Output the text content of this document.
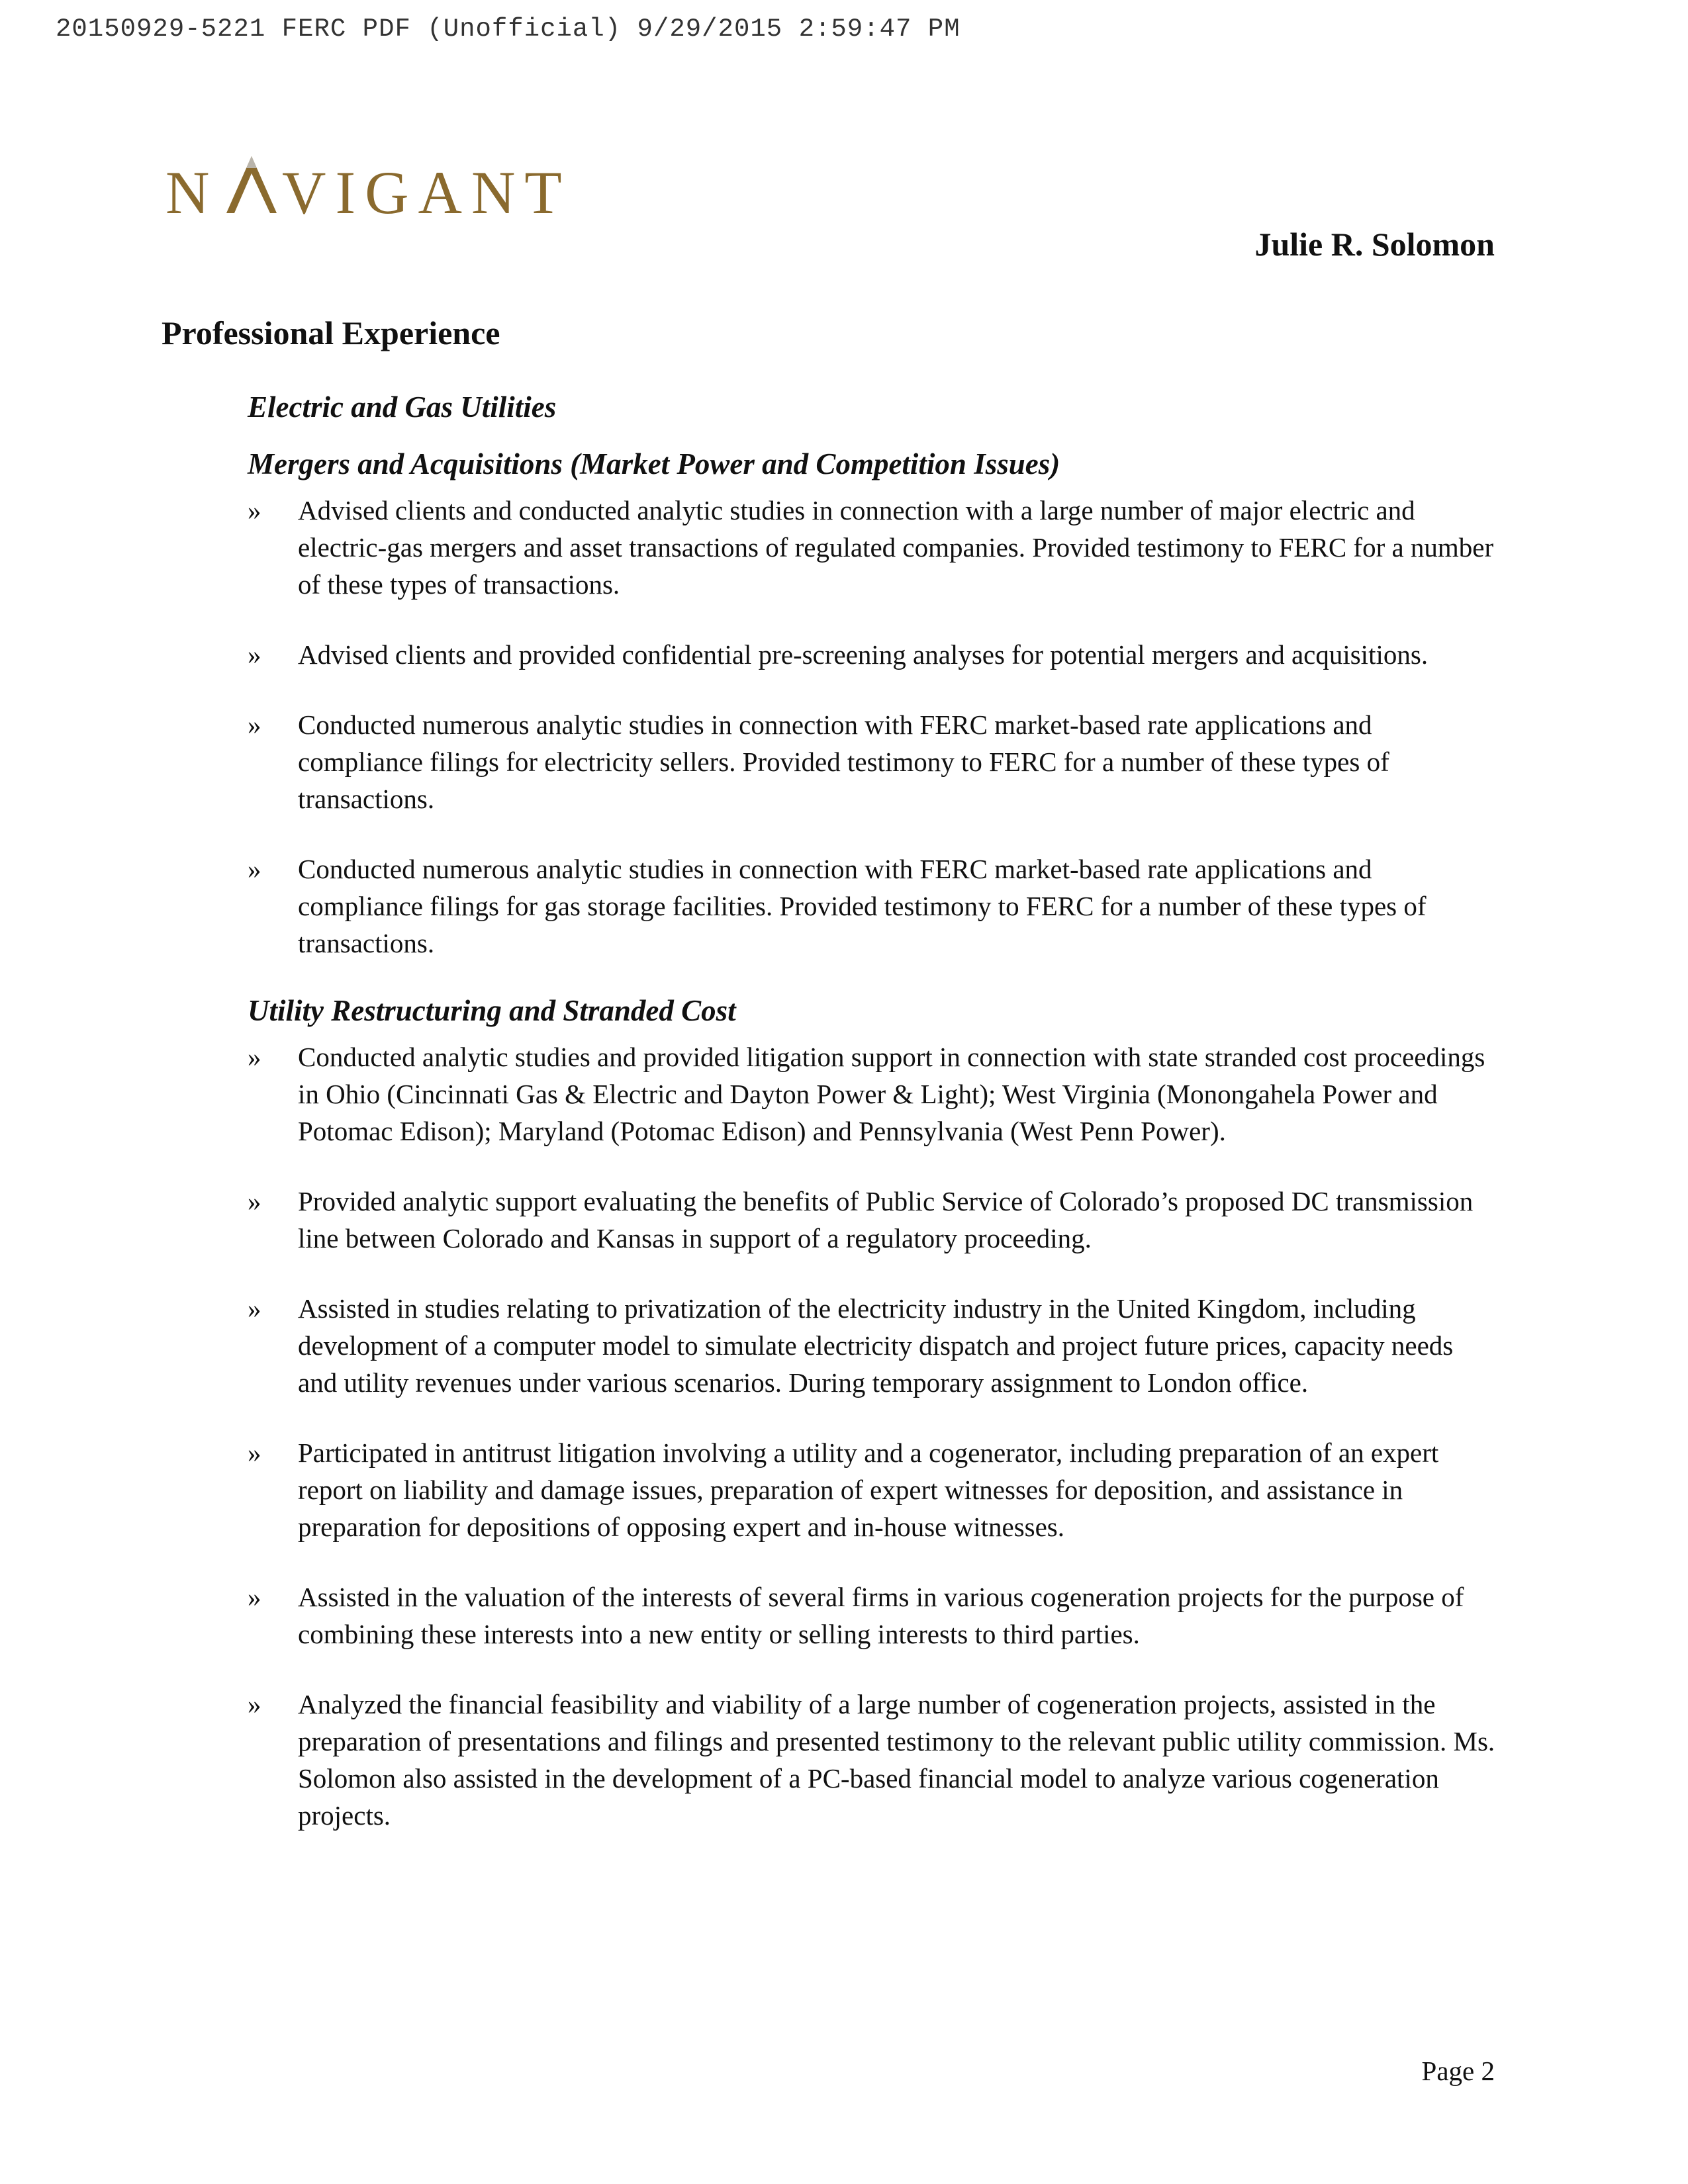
20150929-5221 FERC PDF (Unofficial) 9/29/2015 2:59:47 PM
N VIGANT
Julie R. Solomon
Professional Experience

Electric and Gas Utilities

Mergers and Acquisitions (Market Power and Competition Issues)

» Advised clients and conducted analytic studies in connection with a large number of major electric and electric-gas mergers and asset transactions of regulated companies. Provided testimony to FERC for a number of these types of transactions.
» Advised clients and provided confidential pre-screening analyses for potential mergers and acquisitions.
» Conducted numerous analytic studies in connection with FERC market-based rate applications and compliance filings for electricity sellers. Provided testimony to FERC for a number of these types of transactions.
» Conducted numerous analytic studies in connection with FERC market-based rate applications and compliance filings for gas storage facilities. Provided testimony to FERC for a number of these types of transactions.

Utility Restructuring and Stranded Cost

» Conducted analytic studies and provided litigation support in connection with state stranded cost proceedings in Ohio (Cincinnati Gas & Electric and Dayton Power & Light); West Virginia (Monongahela Power and Potomac Edison); Maryland (Potomac Edison) and Pennsylvania (West Penn Power).
» Provided analytic support evaluating the benefits of Public Service of Colorado’s proposed DC transmission line between Colorado and Kansas in support of a regulatory proceeding.
» Assisted in studies relating to privatization of the electricity industry in the United Kingdom, including development of a computer model to simulate electricity dispatch and project future prices, capacity needs and utility revenues under various scenarios. During temporary assignment to London office.
» Participated in antitrust litigation involving a utility and a cogenerator, including preparation of an expert report on liability and damage issues, preparation of expert witnesses for deposition, and assistance in preparation for depositions of opposing expert and in-house witnesses.
» Assisted in the valuation of the interests of several firms in various cogeneration projects for the purpose of combining these interests into a new entity or selling interests to third parties.
» Analyzed the financial feasibility and viability of a large number of cogeneration projects, assisted in the preparation of presentations and filings and presented testimony to the relevant public utility commission. Ms. Solomon also assisted in the development of a PC-based financial model to analyze various cogeneration projects.
Page 2
